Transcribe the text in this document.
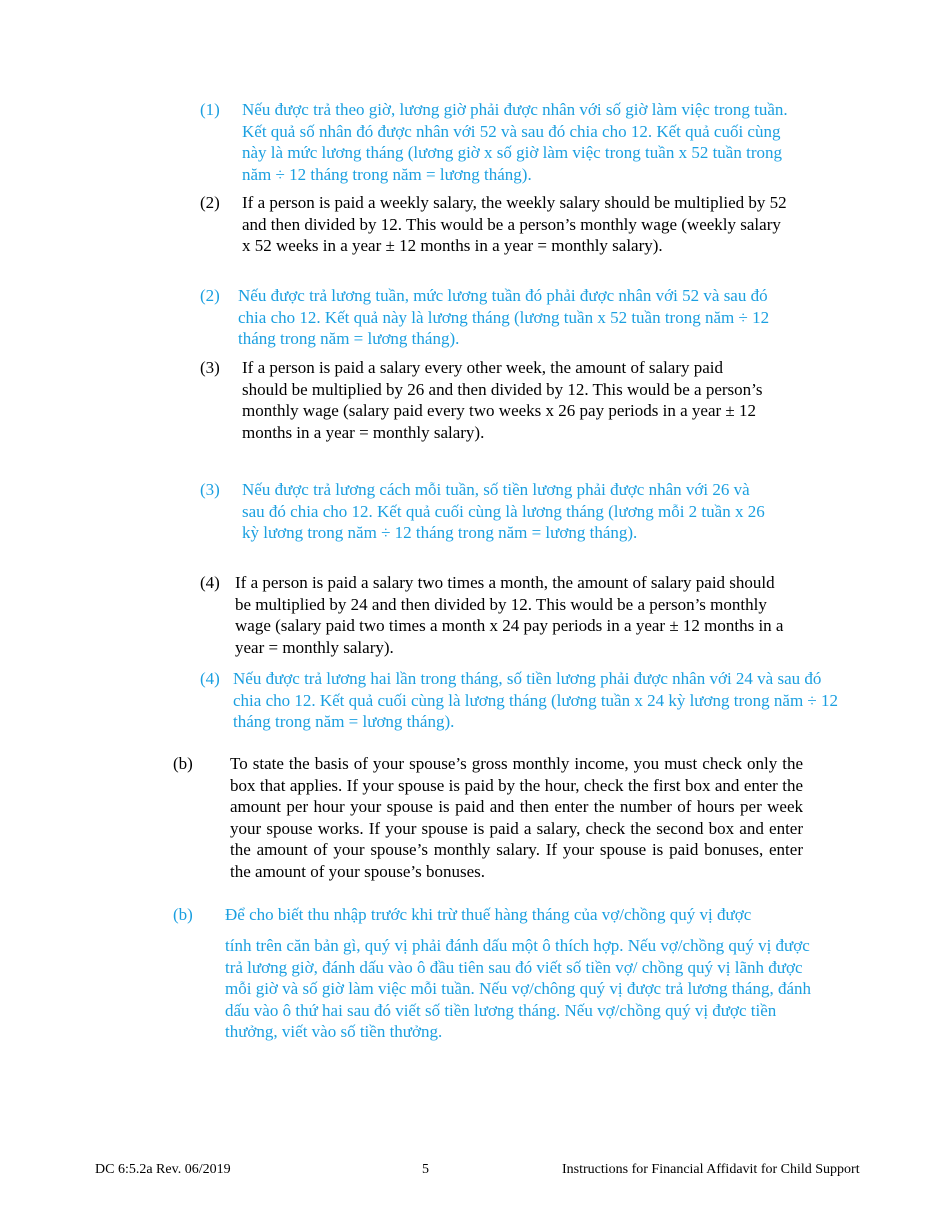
(1)	Nếu được trả theo giờ, lương giờ phải được nhân với số giờ làm việc trong tuần. Kết quả số nhân đó được nhân với 52 và sau đó chia cho 12. Kết quả cuối cùng này là mức lương tháng (lương giờ x số giờ làm việc trong tuần x 52 tuần trong năm ÷ 12 tháng trong năm = lương tháng).
(2)	If a person is paid a weekly salary, the weekly salary should be multiplied by 52 and then divided by 12. This would be a person’s monthly wage (weekly salary x 52 weeks in a year ± 12 months in a year = monthly salary).
(2)	Nếu được trả lương tuần, mức lương tuần đó phải được nhân với 52 và sau đó chia cho 12. Kết quả này là lương tháng (lương tuần x 52 tuần trong năm ÷ 12 tháng trong năm = lương tháng).
(3)	If a person is paid a salary every other week, the amount of salary paid should be multiplied by 26 and then divided by 12. This would be a person’s monthly wage (salary paid every two weeks x 26 pay periods in a year ± 12 months in a year = monthly salary).
(3)	Nếu được trả lương cách mỗi tuần, số tiền lương phải được nhân với 26 và sau đó chia cho 12. Kết quả cuối cùng là lương tháng (lương mỗi 2 tuần x 26 kỳ lương trong năm ÷ 12 tháng trong năm = lương tháng).
(4) If a person is paid a salary two times a month, the amount of salary paid should be multiplied by 24 and then divided by 12. This would be a person’s monthly wage (salary paid two times a month x 24 pay periods in a year ± 12 months in a year = monthly salary).
(4) Nếu được trả lương hai lần trong tháng, số tiền lương phải được nhân với 24 và sau đó chia cho 12. Kết quả cuối cùng là lương tháng (lương tuần x 24 kỳ lương trong năm ÷ 12 tháng trong năm = lương tháng).
(b)	To state the basis of your spouse’s gross monthly income, you must check only the box that applies. If your spouse is paid by the hour, check the first box and enter the amount per hour your spouse is paid and then enter the number of hours per week your spouse works. If your spouse is paid a salary, check the second box and enter the amount of your spouse’s monthly salary. If your spouse is paid bonuses, enter the amount of your spouse’s bonuses.
(b)	Để cho biết thu nhập trước khi trừ thuế hàng tháng của vợ/chồng quý vị được
tính trên căn bản gì, quý vị phải đánh dấu một ô thích hợp. Nếu vợ/chồng quý vị được trả lương giờ, đánh dấu vào ô đầu tiên sau đó viết số tiền vợ/ chồng quý vị lãnh được mỗi giờ và số giờ làm việc mỗi tuần. Nếu vợ/chông quý vị được trả lương tháng, đánh dấu vào ô thứ hai sau đó viết số tiền lương tháng. Nếu vợ/chồng quý vị được tiền thưởng, viết vào số tiền thưởng.
DC 6:5.2a Rev. 06/2019	5	Instructions for Financial Affidavit for Child Support
